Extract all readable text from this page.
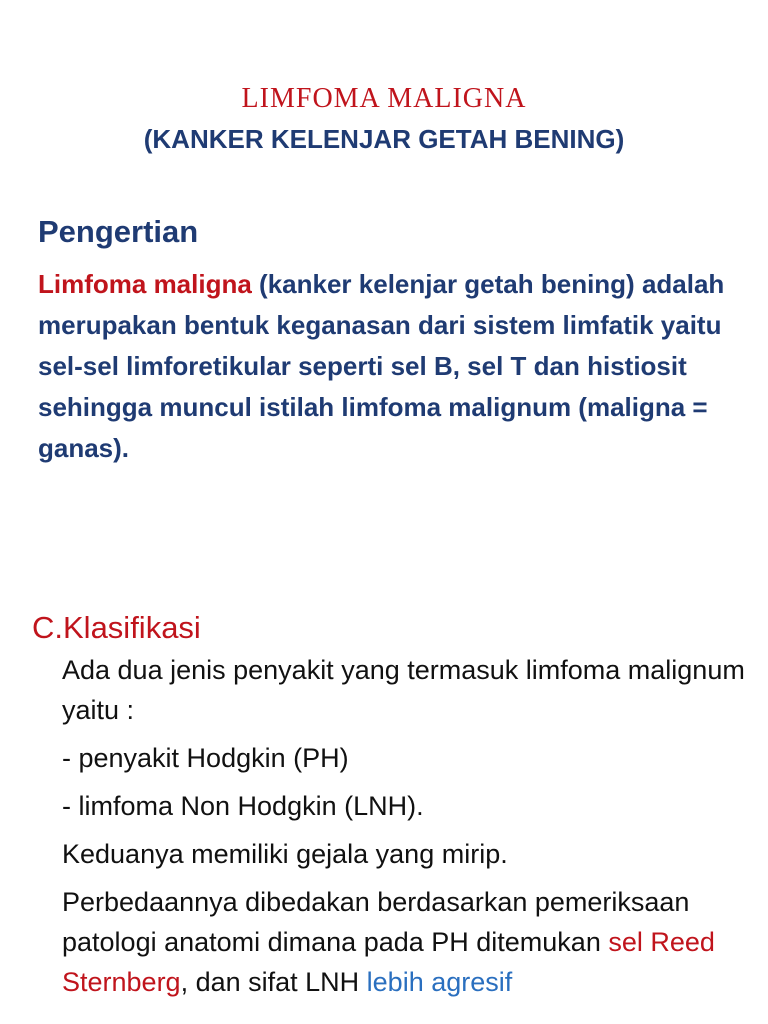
LIMFOMA MALIGNA
(KANKER KELENJAR GETAH BENING)
Pengertian
Limfoma maligna (kanker kelenjar getah bening) adalah merupakan bentuk keganasan dari sistem limfatik yaitu sel-sel limforetikular seperti sel B, sel T dan histiosit sehingga muncul istilah limfoma malignum (maligna = ganas).
C.Klasifikasi

Ada dua jenis penyakit yang termasuk limfoma malignum yaitu :

- penyakit Hodgkin (PH)

- limfoma Non Hodgkin (LNH).

Keduanya memiliki gejala yang mirip.

Perbedaannya dibedakan berdasarkan pemeriksaan patologi anatomi dimana pada PH ditemukan sel Reed Sternberg, dan sifat LNH lebih agresif
